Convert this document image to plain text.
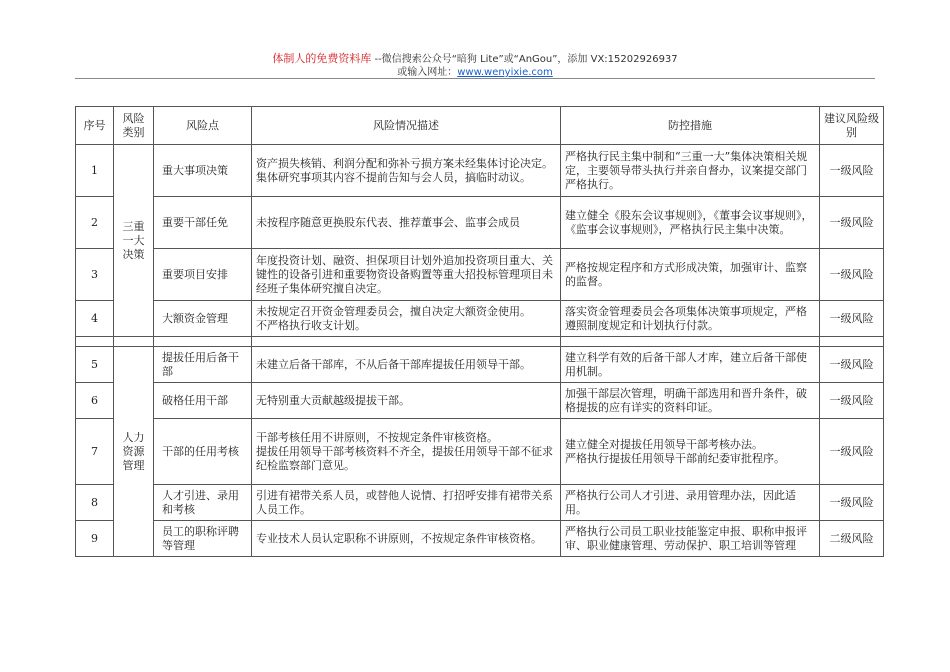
体制人的免费资料库 --微信搜索公众号“暗狗 Lite”或“AnGou”，添加 VX:15202926937
或输入网址：www.wenyixie.com
序号	风险类别	风险点	风险情况描述	防控措施	建议风险级别
1	三重一大决策	重大事项决策	资产损失核销、利润分配和弥补亏损方案未经集体讨论决定。
集体研究事项其内容不提前告知与会人员，搞临时动议。	严格执行民主集中制和“三重一大”集体决策相关规定，主要领导带头执行并亲自督办，议案提交部门严格执行。	一级风险
2		重要干部任免	未按程序随意更换股东代表、推荐董事会、监事会成员	建立健全《股东会议事规则》，《董事会议事规则》，《监事会议事规则》，严格执行民主集中决策。	一级风险
3		重要项目安排	年度投资计划、融资、担保项目计划外追加投资项目重大、关键性的设备引进和重要物资设备购置等重大招投标管理项目未经班子集体研究擅自决定。	严格按规定程序和方式形成决策，加强审计、监察的监督。	一级风险
4		大额资金管理	未按规定召开资金管理委员会，擅自决定大额资金使用。
不严格执行收支计划。	落实资金管理委员会各项集体决策事项规定，严格遵照制度规定和计划执行付款。	一级风险

5	人力资源管理	提拔任用后备干部	未建立后备干部库，不从后备干部库提拔任用领导干部。	建立科学有效的后备干部人才库，建立后备干部使用机制。	一级风险
6		破格任用干部	无特别重大贡献越级提拔干部。	加强干部层次管理，明确干部选用和晋升条件，破格提拔的应有详实的资料印证。	一级风险
7		干部的任用考核	干部考核任用不讲原则，不按规定条件审核资格。
提拔任用领导干部考核资料不齐全，提拔任用领导干部不征求纪检监察部门意见。	建立健全对提拔任用领导干部考核办法。
严格执行提拔任用领导干部前纪委审批程序。	一级风险
8		人才引进、录用和考核	引进有裙带关系人员，或替他人说情、打招呼安排有裙带关系人员工作。	严格执行公司人才引进、录用管理办法，因此适用。	一级风险
9		员工的职称评聘等管理	专业技术人员认定职称不讲原则，不按规定条件审核资格。	严格执行公司员工职业技能鉴定申报、职称申报评审、职业健康管理、劳动保护、职工培训等管理	二级风险
